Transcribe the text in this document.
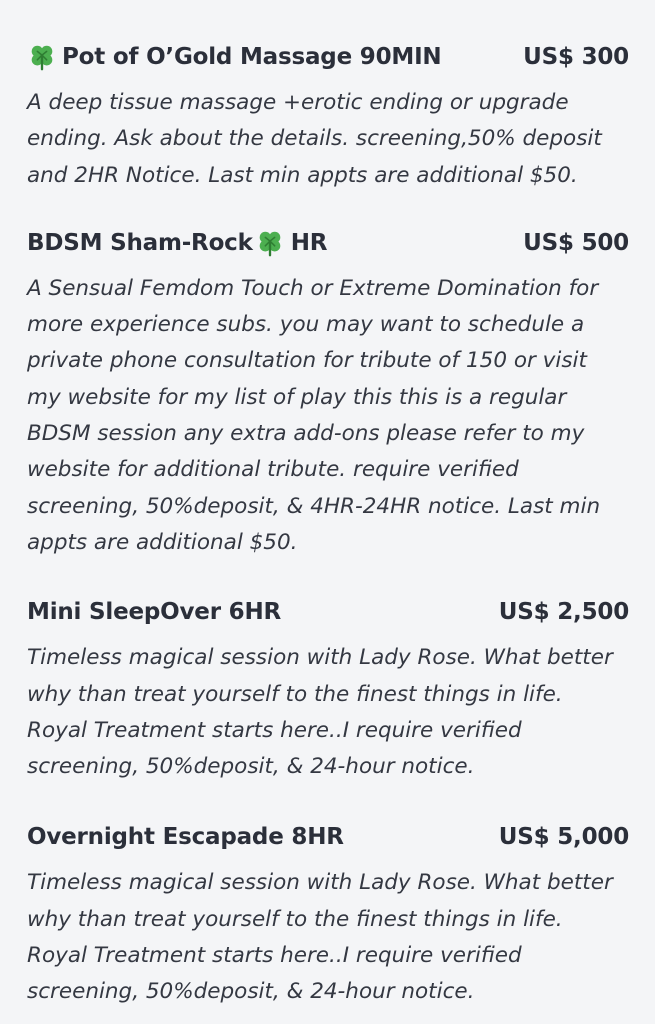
Pot of O’Gold Massage 90MIN	US$ 300
A deep tissue massage +erotic ending or upgrade
ending. Ask about the details. screening,50% deposit
and 2HR Notice. Last min appts are additional $50.
BDSM Sham-Rock HR	US$ 500
A Sensual Femdom Touch or Extreme Domination for
more experience subs. you may want to schedule a
private phone consultation for tribute of 150 or visit
my website for my list of play this this is a regular
BDSM session any extra add-ons please refer to my
website for additional tribute. require verified
screening, 50%deposit, & 4HR-24HR notice. Last min
appts are additional $50.
Mini SleepOver 6HR	US$ 2,500
Timeless magical session with Lady Rose. What better
why than treat yourself to the finest things in life.
Royal Treatment starts here..I require verified
screening, 50%deposit, & 24-hour notice.
Overnight Escapade 8HR	US$ 5,000
Timeless magical session with Lady Rose. What better
why than treat yourself to the finest things in life.
Royal Treatment starts here..I require verified
screening, 50%deposit, & 24-hour notice.
